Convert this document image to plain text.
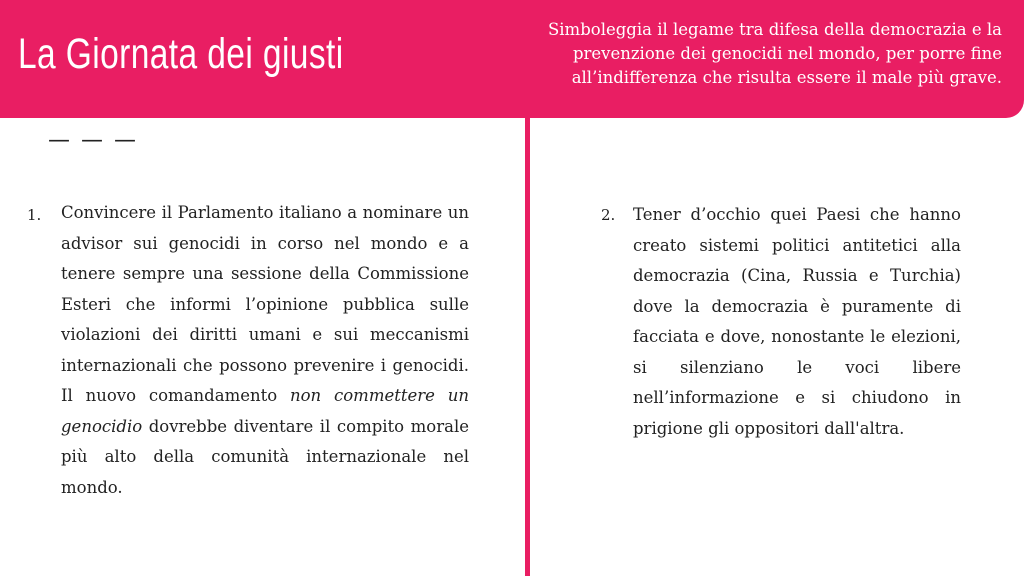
La Giornata dei giusti
Simboleggia il legame tra difesa della democrazia e la prevenzione dei genocidi nel mondo, per porre fine all’indifferenza che risulta essere il male più grave.
— — —
1. Convincere il Parlamento italiano a nominare un advisor sui genocidi in corso nel mondo e a tenere sempre una sessione della Commissione Esteri che informi l’opinione pubblica sulle violazioni dei diritti umani e sui meccanismi internazionali che possono prevenire i genocidi. Il nuovo comandamento non commettere un genocidio dovrebbe diventare il compito morale più alto della comunità internazionale nel mondo.

2. Tener d’occhio quei Paesi che hanno creato sistemi politici antitetici alla democrazia (Cina, Russia e Turchia) dove la democrazia è puramente di facciata e dove, nonostante le elezioni, si silenziano le voci libere nell’informazione e si chiudono in prigione gli oppositori dall'altra.
